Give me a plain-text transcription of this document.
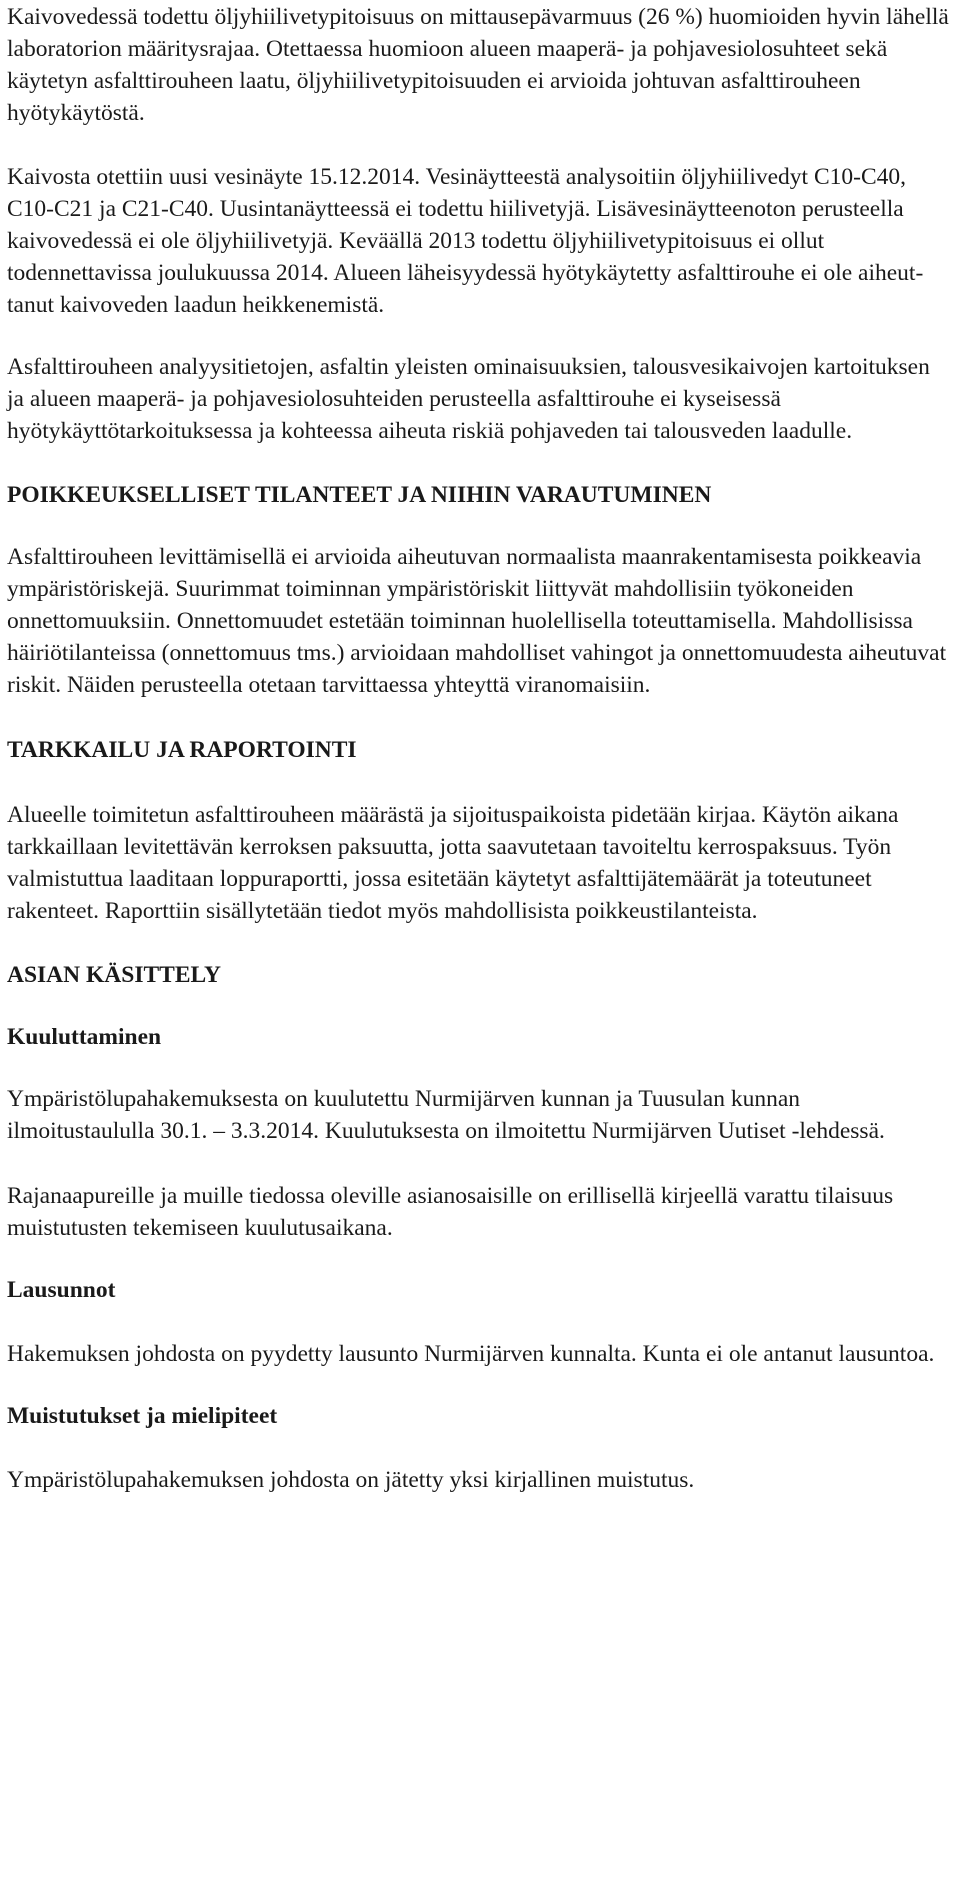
Kaivovedessä todettu öljyhiilivetypitoisuus on mittausepävarmuus (26 %) huomioiden hyvin lähellä laboratorion määritysrajaa. Otettaessa huomioon alueen maaperä- ja pohjavesiolosuhteet sekä käytetyn asfalttirouheen laatu, öljyhiilivetypitoisuuden ei arvioida johtuvan asfalttirouheen hyötykäytöstä.

Kaivosta otettiin uusi vesinäyte 15.12.2014. Vesinäytteestä analysoitiin öljyhiilivedyt C10-C40, C10-C21 ja C21-C40. Uusintanäytteessä ei todettu hiilivetyjä. Lisävesinäytteenoton perusteella kaivovedessä ei ole öljyhiilivetyjä. Keväällä 2013 todettu öljyhiilivetypitoisuus ei ollut todennettavissa joulukuussa 2014. Alueen läheisyydessä hyötykäytetty asfalttirouhe ei ole aiheuttanut kaivoveden laadun heikkenemistä.

Asfalttirouheen analyysitietojen, asfaltin yleisten ominaisuuksien, talousvesikaivojen kartoituksen ja alueen maaperä- ja pohjavesiolosuhteiden perusteella asfalttirouhe ei kyseisessä hyötykäyttötarkoituksessa ja kohteessa aiheuta riskiä pohjaveden tai talousveden laadulle.

POIKKEUKSELLISET TILANTEET JA NIIHIN VARAUTUMINEN

Asfalttirouheen levittämisellä ei arvioida aiheutuvan normaalista maanrakentamisesta poikkeavia ympäristöriskejä. Suurimmat toiminnan ympäristöriskit liittyvät mahdollisiin työkoneiden onnettomuuksiin. Onnettomuudet estetään toiminnan huolellisella toteuttamisella. Mahdollisissa häiriötilanteissa (onnettomuus tms.) arvioidaan mahdolliset vahingot ja onnettomuudesta aiheutuvat riskit. Näiden perusteella otetaan tarvittaessa yhteyttä viranomaisiin.

TARKKAILU JA RAPORTOINTI

Alueelle toimitetun asfalttirouheen määrästä ja sijoituspaikoista pidetään kirjaa. Käytön aikana tarkkaillaan levitettävän kerroksen paksuutta, jotta saavutetaan tavoiteltu kerrospaksuus. Työn valmistuttua laaditaan loppuraportti, jossa esitetään käytetyt asfalttijätemäärät ja toteutuneet rakenteet. Raporttiin sisällytetään tiedot myös mahdollisista poikkeustilanteista.

ASIAN KÄSITTELY
Kuuluttaminen

Ympäristölupahakemuksesta on kuulutettu Nurmijärven kunnan ja Tuusulan kunnan ilmoitustaululla 30.1. – 3.3.2014. Kuulutuksesta on ilmoitettu Nurmijärven Uutiset -lehdessä.

Rajanaapureille ja muille tiedossa oleville asianosaisille on erillisellä kirjeellä varattu tilaisuus muistutusten tekemiseen kuulutusaikana.

Lausunnot

Hakemuksen johdosta on pyydetty lausunto Nurmijärven kunnalta. Kunta ei ole antanut lausuntoa.

Muistutukset ja mielipiteet

Ympäristölupahakemuksen johdosta on jätetty yksi kirjallinen muistutus.
